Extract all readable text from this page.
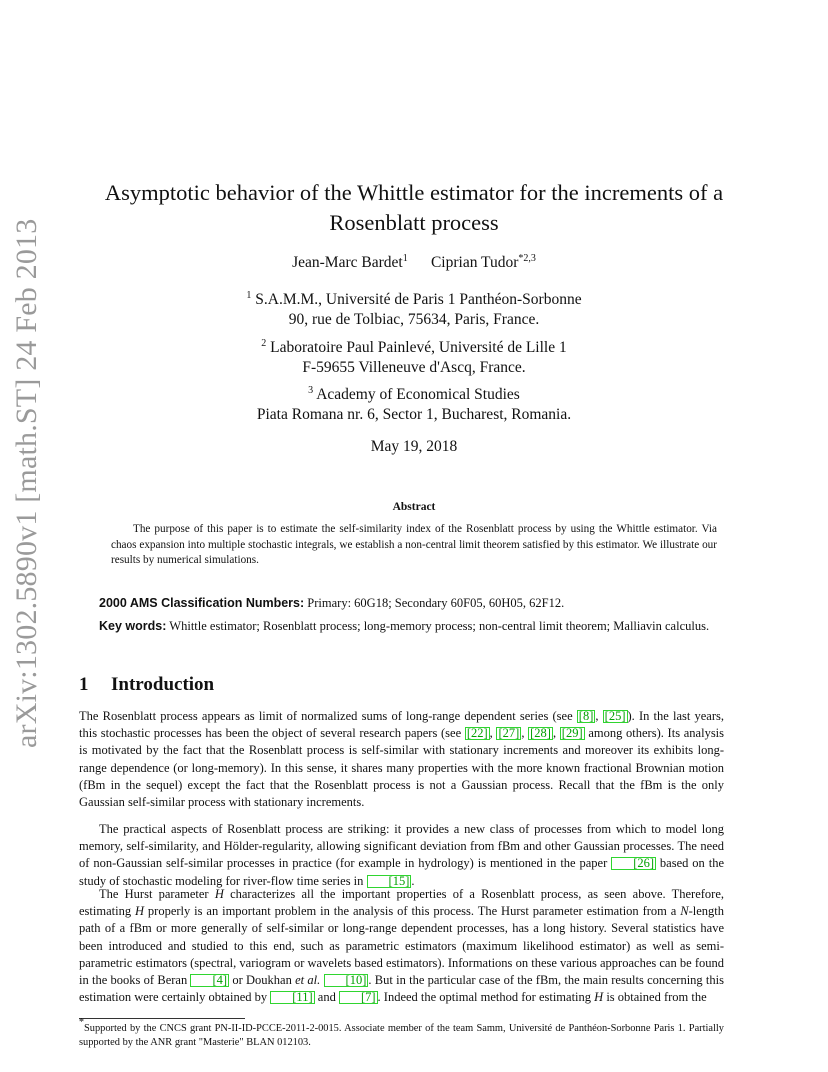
arXiv:1302.5890v1 [math.ST] 24 Feb 2013
Asymptotic behavior of the Whittle estimator for the increments of a
Rosenblatt process
Jean-Marc Bardet$^1$ Ciprian Tudor$^{*2,3}$
$^1$ S.A.M.M., Université de Paris 1 Panthéon-Sorbonne
90, rue de Tolbiac, 75634, Paris, France.
$^2$ Laboratoire Paul Painlevé, Université de Lille 1
F-59655 Villeneuve d'Ascq, France.
$^3$ Academy of Economical Studies
Piata Romana nr. 6, Sector 1, Bucharest, Romania.
May 19, 2018
Abstract
The purpose of this paper is to estimate the self-similarity index of the Rosenblatt process by using the Whittle estimator. Via chaos expansion into multiple stochastic integrals, we establish a non-central limit theorem satisfied by this estimator. We illustrate our results by numerical simulations.
2000 AMS Classification Numbers: Primary: 60G18; Secondary 60F05, 60H05, 62F12.
Key words: Whittle estimator; Rosenblatt process; long-memory process; non-central limit theorem; Malliavin calculus.
1 Introduction
The Rosenblatt process appears as limit of normalized sums of long-range dependent series (see [8] , [25] ). In the last years, this stochastic processes has been the object of several research papers (see [22] , [27] , [28] , [29] among others). Its analysis is motivated by the fact that the Rosenblatt process is self-similar with stationary increments and moreover its exhibits long-range dependence (or long-memory). In this sense, it shares many properties with the more known fractional Brownian motion (fBm in the sequel) except the fact that the Rosenblatt process is not a Gaussian process. Recall that the fBm is the only Gaussian self-similar process with stationary increments.
The practical aspects of Rosenblatt process are striking: it provides a new class of processes from which to model long memory, self-similarity, and Hölder-regularity, allowing significant deviation from fBm and other Gaussian processes. The need of non-Gaussian self-similar processes in practice (for example in hydrology) is mentioned in the paper [26] based on the study of stochastic modeling for river-flow time series in [15] .
The Hurst parameter H characterizes all the important properties of a Rosenblatt process, as seen above. Therefore, estimating H properly is an important problem in the analysis of this process. The Hurst parameter estimation from a N-length path of a fBm or more generally of self-similar or long-range dependent processes, has a long history. Several statistics have been introduced and studied to this end, such as parametric estimators (maximum likelihood estimator) as well as semi-parametric estimators (spectral, variogram or wavelets based estimators). Informations on these various approaches can be found in the books of Beran [4] or Doukhan et al. [10] . But in the particular case of the fBm, the main results concerning this estimation were certainly obtained by [11] and [7] . Indeed the optimal method for estimating H is obtained from the
*Supported by the CNCS grant PN-II-ID-PCCE-2011-2-0015. Associate member of the team Samm, Université de Panthéon-Sorbonne Paris 1. Partially supported by the ANR grant "Masterie" BLAN 012103.
